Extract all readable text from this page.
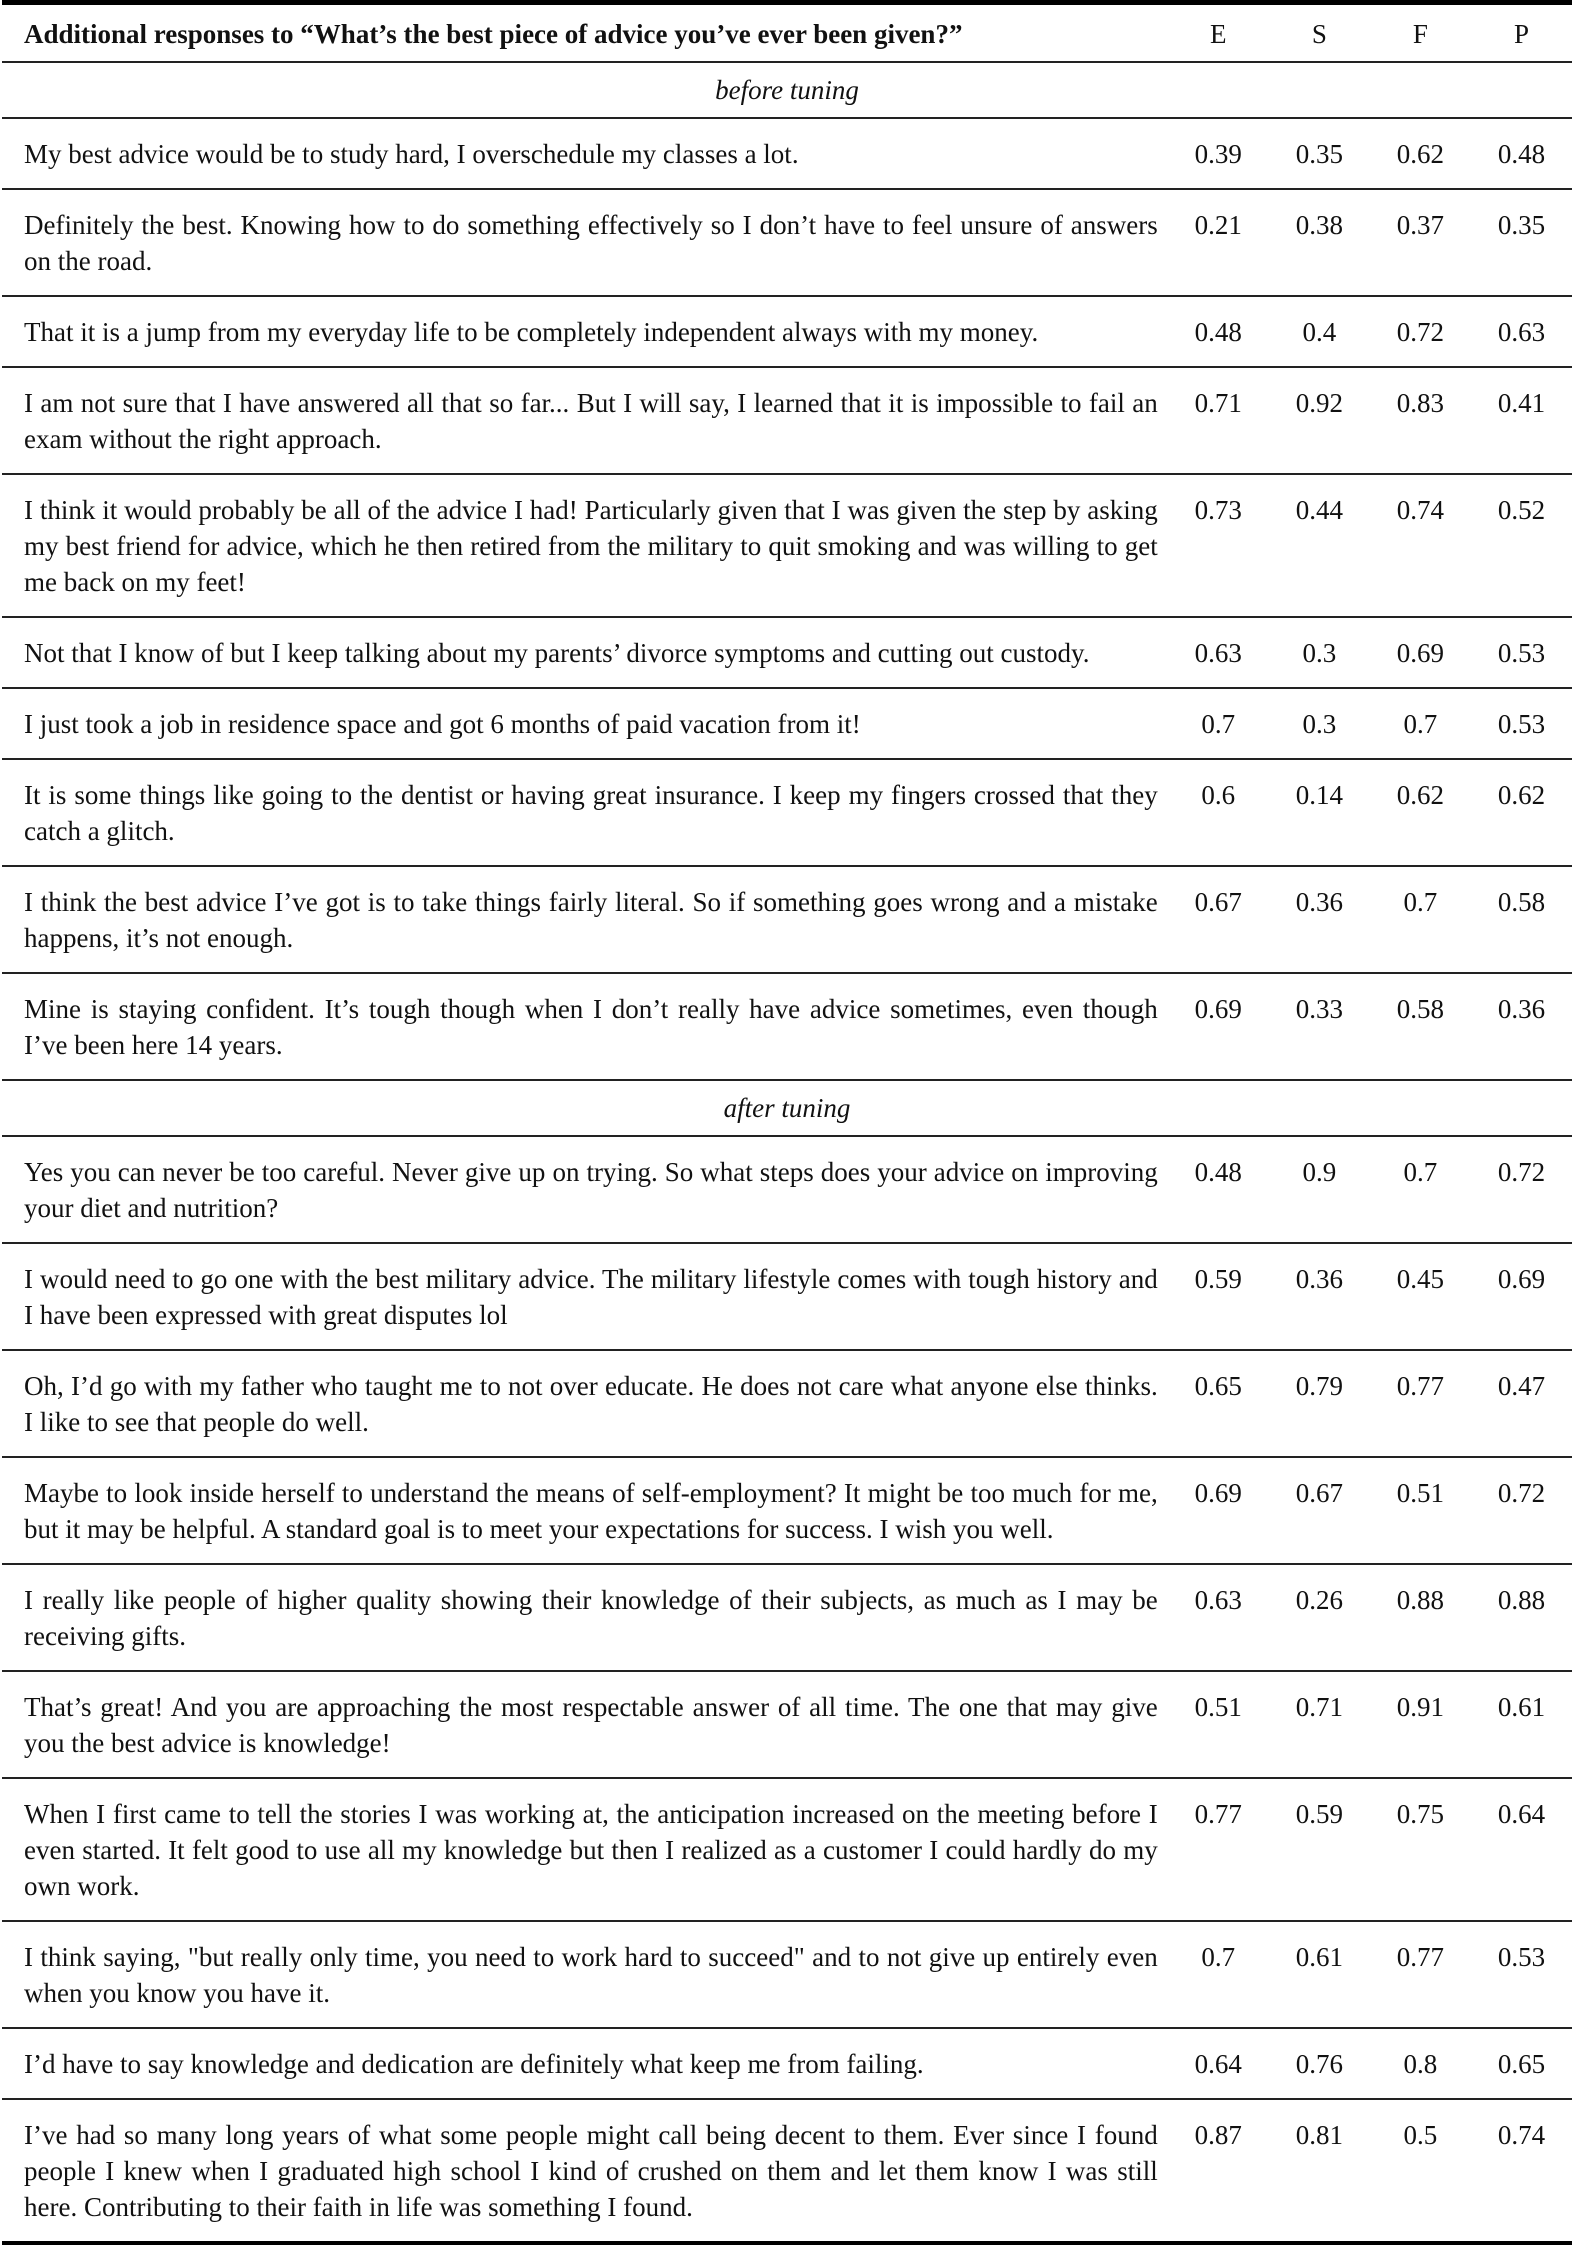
Additional responses to “What’s the best piece of advice you’ve ever been given?”	E	S	F	P
before tuning				
My best advice would be to study hard, I overschedule my classes a lot.	0.39	0.35	0.62	0.48
Definitely the best. Knowing how to do something effectively so I don’t have to feel unsure of answers on the road.	0.21	0.38	0.37	0.35
That it is a jump from my everyday life to be completely independent always with my money.	0.48	0.4	0.72	0.63
I am not sure that I have answered all that so far... But I will say, I learned that it is impossible to fail an exam without the right approach.	0.71	0.92	0.83	0.41
I think it would probably be all of the advice I had! Particularly given that I was given the step by asking my best friend for advice, which he then retired from the military to quit smoking and was willing to get me back on my feet!	0.73	0.44	0.74	0.52
Not that I know of but I keep talking about my parents’ divorce symptoms and cutting out custody.	0.63	0.3	0.69	0.53
I just took a job in residence space and got 6 months of paid vacation from it!	0.7	0.3	0.7	0.53
It is some things like going to the dentist or having great insurance. I keep my fingers crossed that they catch a glitch.	0.6	0.14	0.62	0.62
I think the best advice I’ve got is to take things fairly literal. So if something goes wrong and a mistake happens, it’s not enough.	0.67	0.36	0.7	0.58
Mine is staying confident. It’s tough though when I don’t really have advice sometimes, even though I’ve been here 14 years.	0.69	0.33	0.58	0.36
after tuning				
Yes you can never be too careful. Never give up on trying. So what steps does your advice on improving your diet and nutrition?	0.48	0.9	0.7	0.72
I would need to go one with the best military advice. The military lifestyle comes with tough history and I have been expressed with great disputes lol	0.59	0.36	0.45	0.69
Oh, I’d go with my father who taught me to not over educate. He does not care what anyone else thinks. I like to see that people do well.	0.65	0.79	0.77	0.47
Maybe to look inside herself to understand the means of self-employment? It might be too much for me, but it may be helpful. A standard goal is to meet your expectations for success. I wish you well.	0.69	0.67	0.51	0.72
I really like people of higher quality showing their knowledge of their subjects, as much as I may be receiving gifts.	0.63	0.26	0.88	0.88
That’s great! And you are approaching the most respectable answer of all time. The one that may give you the best advice is knowledge!	0.51	0.71	0.91	0.61
When I first came to tell the stories I was working at, the anticipation increased on the meeting before I even started. It felt good to use all my knowledge but then I realized as a customer I could hardly do my own work.	0.77	0.59	0.75	0.64
I think saying, "but really only time, you need to work hard to succeed" and to not give up entirely even when you know you have it.	0.7	0.61	0.77	0.53
I’d have to say knowledge and dedication are definitely what keep me from failing.	0.64	0.76	0.8	0.65
I’ve had so many long years of what some people might call being decent to them. Ever since I found people I knew when I graduated high school I kind of crushed on them and let them know I was still here. Contributing to their faith in life was something I found.	0.87	0.81	0.5	0.74
